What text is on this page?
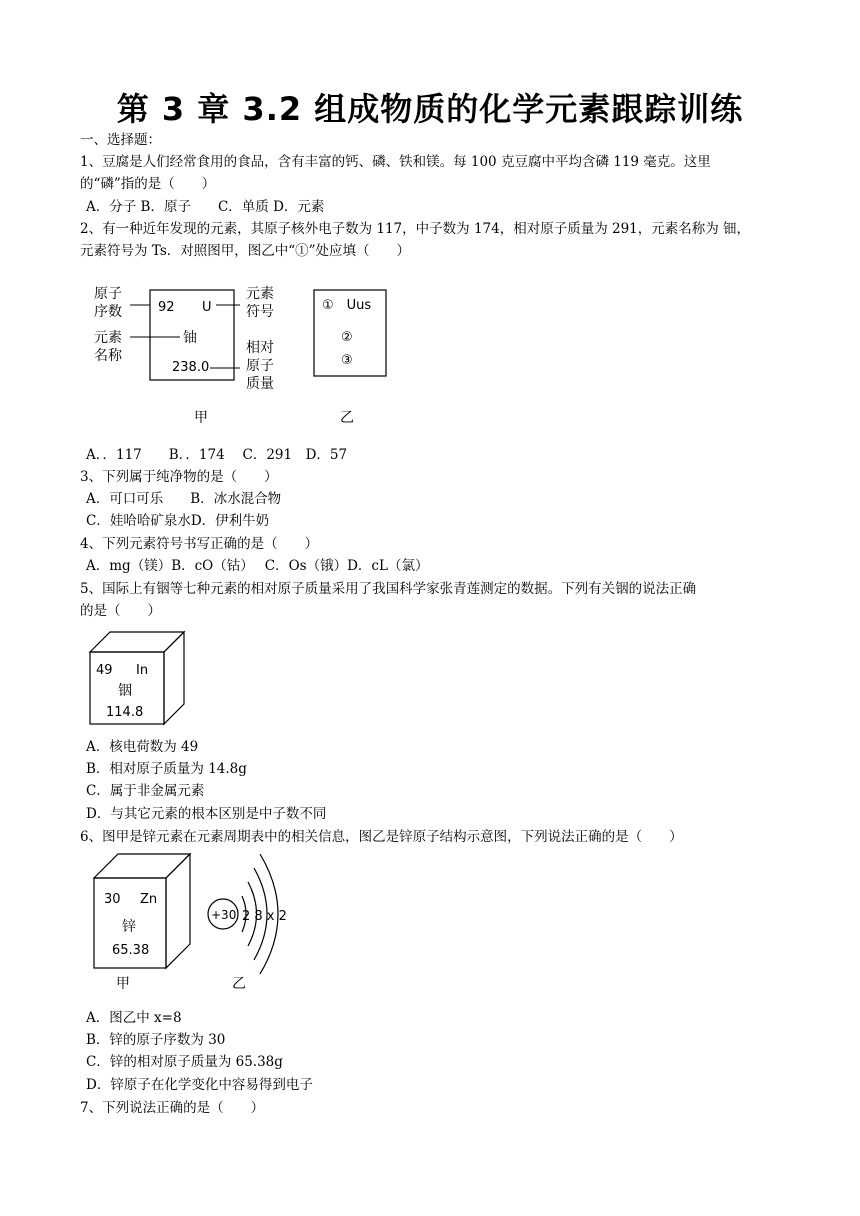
第 3 章 3.2 组成物质的化学元素跟踪训练
一、选择题：
1、豆腐是人们经常食用的食品，含有丰富的钙、磷、铁和镁。每 100 克豆腐中平均含磷 119 毫克。这里
的“磷”指的是（　　）
A．分子 B．原子　　C．单质 D．元素
2、有一种近年发现的元素，其原子核外电子数为 117，中子数为 174，相对原子质量为 291，元素名称为 钿，
元素符号为 Ts．对照图甲，图乙中“①”处应填（　　）
原子
序数
元素
名称
元素
符号
相对
原子
质量
92 U
铀
238.0
甲
①　Uus
②
③
乙
A．．117　　B．．174　 C．291　D．57
3、下列属于纯净物的是（　　）
A．可口可乐　　B．冰水混合物
C．娃哈哈矿泉水D．伊利牛奶
4、下列元素符号书写正确的是（　　）
A．mg（镁）B．cO（钴）　 C．Os（锇）D．cL（氯）
5、国际上有铟等七种元素的相对原子质量采用了我国科学家张青莲测定的数据。下列有关铟的说法正确
的是（　　）
49 In
铟
114.8
A．核电荷数为 49
B．相对原子质量为 14.8g
C．属于非金属元素
D．与其它元素的根本区别是中子数不同
6、图甲是锌元素在元素周期表中的相关信息，图乙是锌原子结构示意图，下列说法正确的是（　　）
30 Zn
锌
65.38
甲
+30 2 8 x 2
乙
A．图乙中 x=8
B．锌的原子序数为 30
C．锌的相对原子质量为 65.38g
D．锌原子在化学变化中容易得到电子
7、下列说法正确的是（　　）
